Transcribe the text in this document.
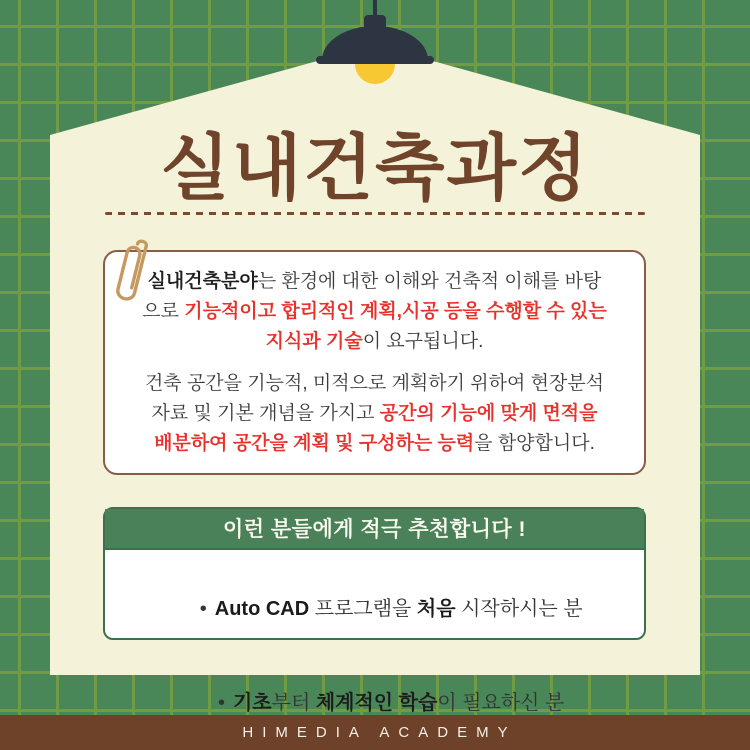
실내건축과정
실내건축분야는 환경에 대한 이해와 건축적 이해를 바탕
으로 기능적이고 합리적인 계획,시공 등을 수행할 수 있는
지식과 기술이 요구됩니다.
건축 공간을 기능적, 미적으로 계획하기 위하여 현장분석
자료 및 기본 개념을 가지고 공간의 기능에 맞게 면적을
배분하여 공간을 계획 및 구성하는 능력을 함양합니다.
이런 분들에게 적극 추천합니다 !

• Auto CAD 프로그램을 처음 시작하시는 분

• 기초부터 체계적인 학습이 필요하신 분

HIMEDIA ACADEMY
